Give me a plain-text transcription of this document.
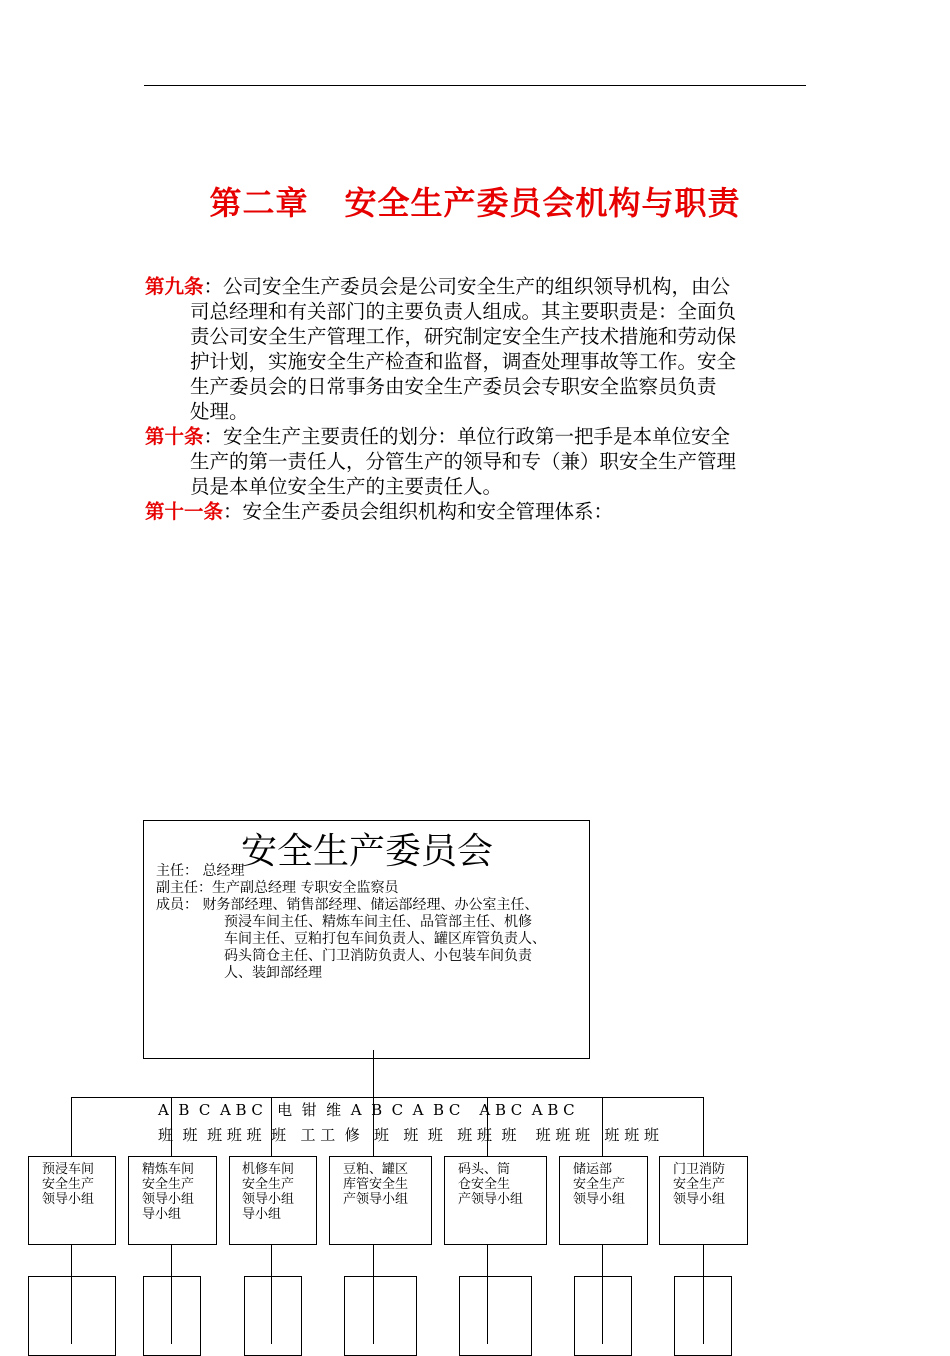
第二章 安全生产委员会机构与职责
第九条：公司安全生产委员会是公司安全生产的组织领导机构，由公
司总经理和有关部门的主要负责人组成。其主要职责是：全面负
责公司安全生产管理工作，研究制定安全生产技术措施和劳动保
护计划，实施安全生产检查和监督，调查处理事故等工作。安全
生产委员会的日常事务由安全生产委员会专职安全监察员负责
处理。
第十条：安全生产主要责任的划分：单位行政第一把手是本单位安全
生产的第一责任人，分管生产的领导和专（兼）职安全生产管理
员是本单位安全生产的主要责任人。
第十一条：安全生产委员会组织机构和安全管理体系：
安全生产委员会
主任： 总经理
副主任：生产副总经理 专职安全监察员
成员： 财务部经理、销售部经理、储运部经理、办公室主任、
预浸车间主任、精炼车间主任、品管部主任、机修
车间主任、豆粕打包车间负责人、罐区库管负责人、
码头筒仓主任、门卫消防负责人、小包装车间负责
人、装卸部经理
A  B  C  A B C   电  钳  维  A  B  C  A  B C    A B C  A B C
班  班  班 班 班  班   工 工  修   班   班  班   班 班  班    班 班 班   班 班 班
预浸车间
安全生产
领导小组
精炼车间
安全生产
领导小组
导小组
机修车间
安全生产
领导小组
导小组
豆粕、罐区
库管安全生
产领导小组
码头、筒
仓安全生
产领导小组
储运部
安全生产
领导小组
门卫消防
安全生产
领导小组
